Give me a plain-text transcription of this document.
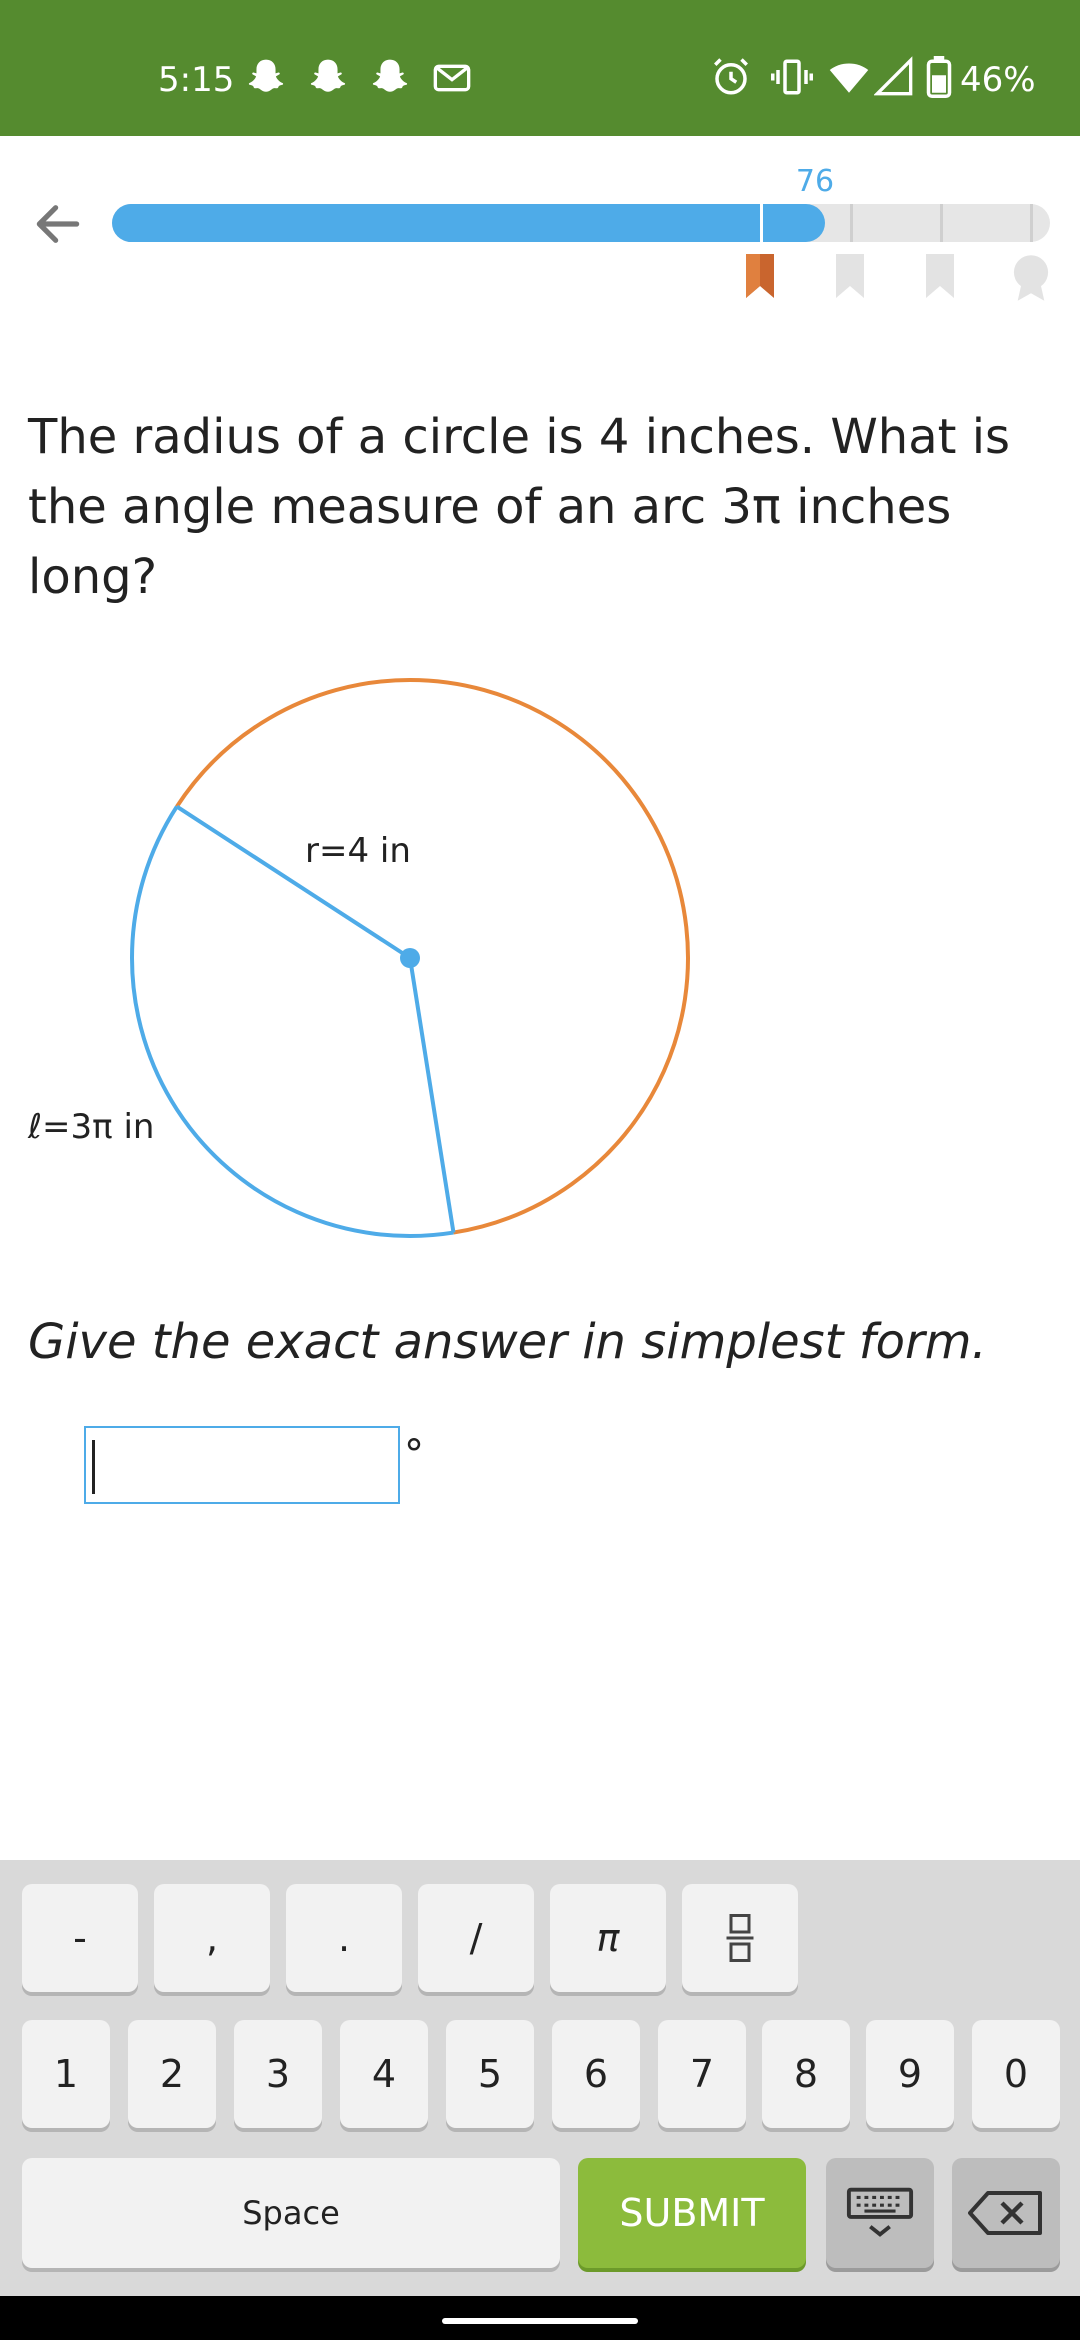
5:15	46%
76
The radius of a circle is 4 inches. What is the angle measure of an arc 3π inches long?
r=4 in
ℓ=3π in
Give the exact answer in simplest form.
°
-	,	.	/	π
1	2	3	4	5	6	7	8	9	0
Space	SUBMIT
